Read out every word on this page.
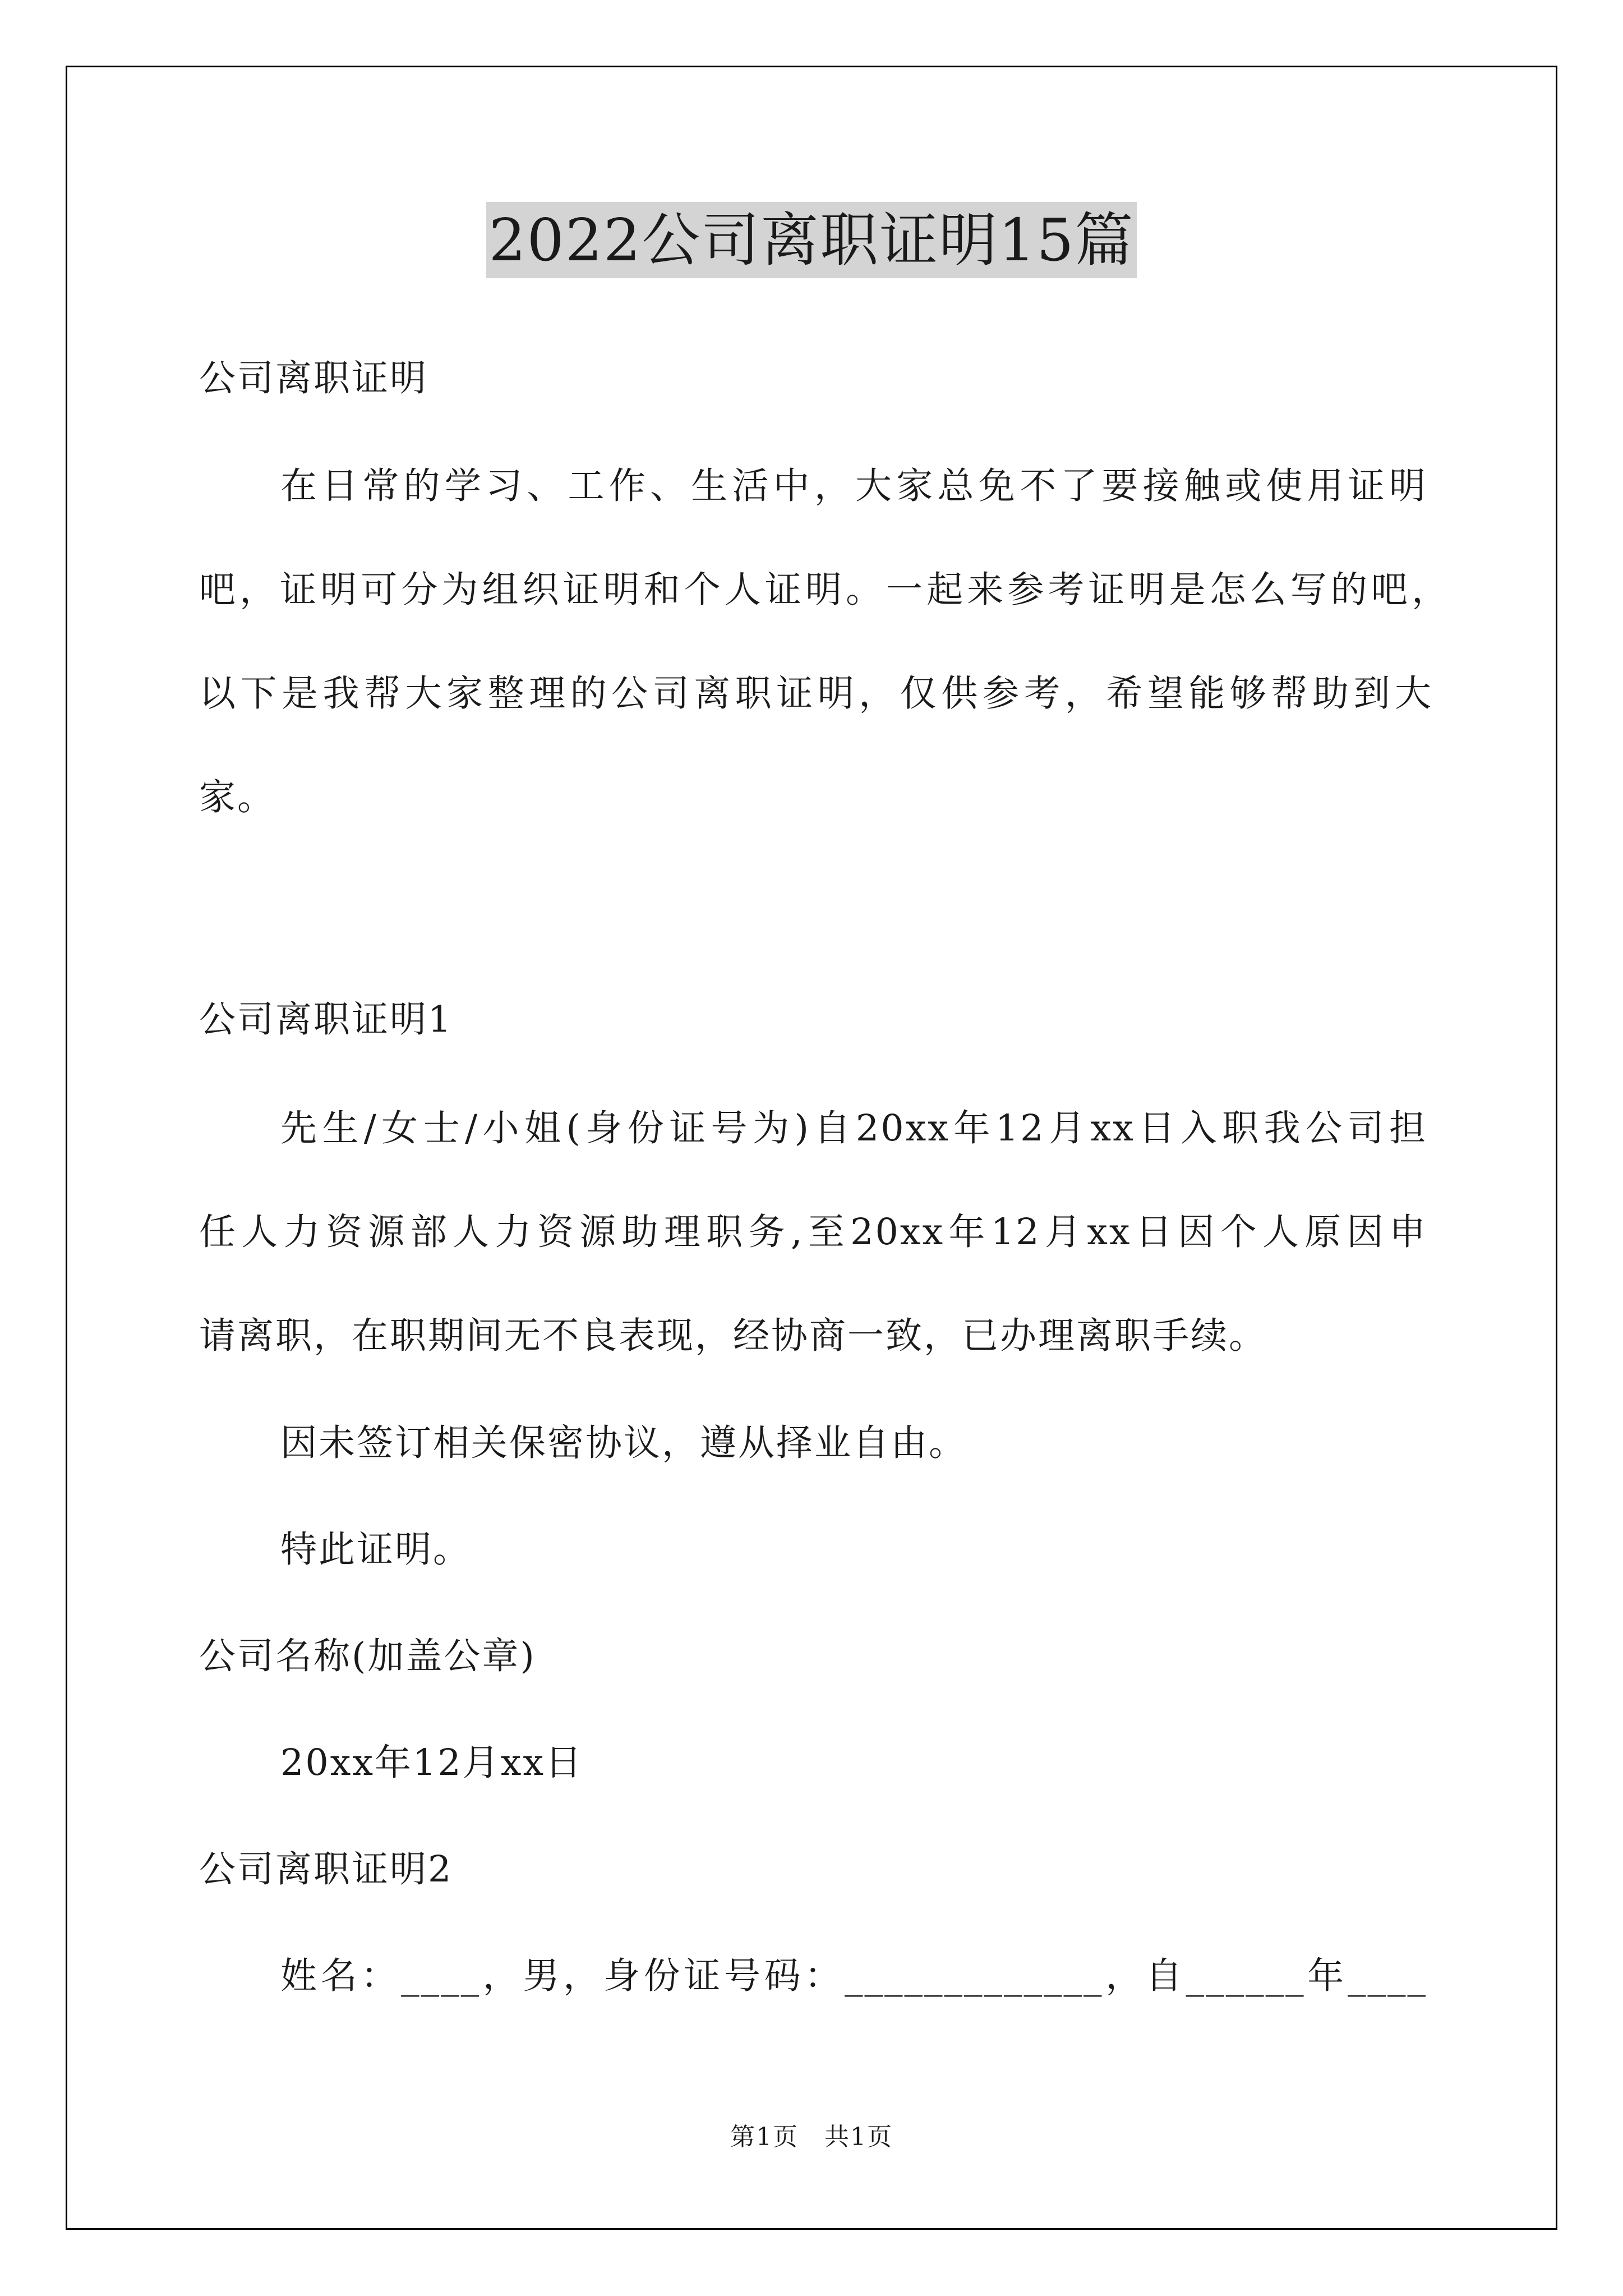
2022公司离职证明15篇
公司离职证明
在日常的学习、工作、生活中，大家总免不了要接触或使用证明
吧，证明可分为组织证明和个人证明。一起来参考证明是怎么写的吧，
以下是我帮大家整理的公司离职证明，仅供参考，希望能够帮助到大
家。
公司离职证明1
先生/女士/小姐(身份证号为)自20xx年12月xx日入职我公司担
任人力资源部人力资源助理职务,至20xx年12月xx日因个人原因申
请离职，在职期间无不良表现，经协商一致，已办理离职手续。
因未签订相关保密协议，遵从择业自由。
特此证明。
公司名称(加盖公章)
20xx年12月xx日
公司离职证明2
姓名：____，男，身份证号码：_____________，自______年____
第1页　共1页
